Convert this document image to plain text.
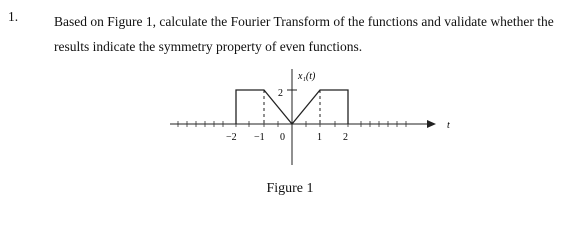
1.	Based on Figure 1, calculate the Fourier Transform of the functions and validate whether the results indicate the symmetry property of even functions.

x₁(t)
2
t
−2 −1 0	1 2
Figure 1
